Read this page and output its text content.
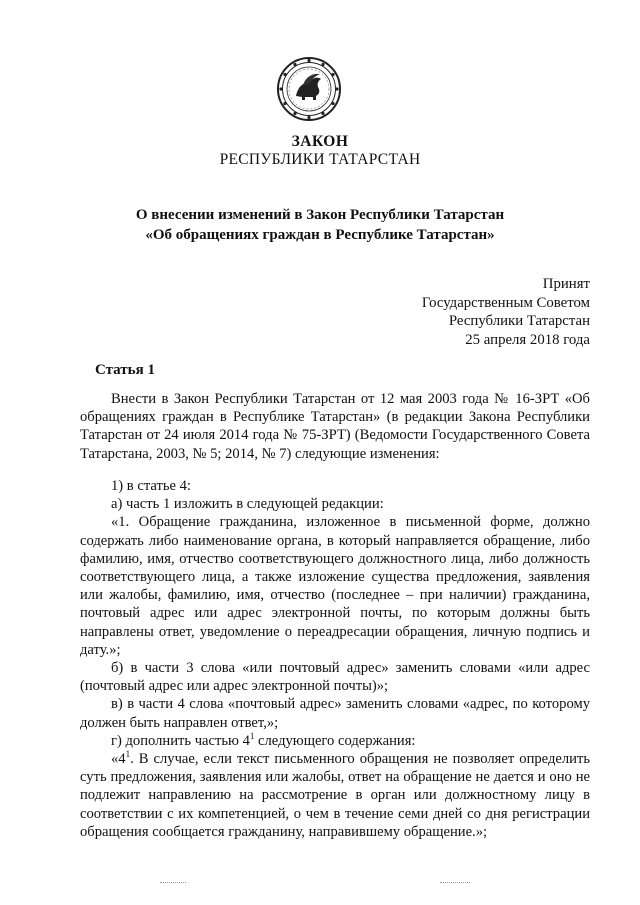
ЗАКОН
РЕСПУБЛИКИ ТАТАРСТАН
О внесении изменений в Закон Республики Татарстан
«Об обращениях граждан в Республике Татарстан»
Принят
Государственным Советом
Республики Татарстан
25 апреля 2018 года
Статья 1

Внести в Закон Республики Татарстан от 12 мая 2003 года № 16-ЗРТ «Об обращениях граждан в Республике Татарстан» (в редакции Закона Республики Татарстан от 24 июля 2014 года № 75-ЗРТ) (Ведомости Государственного Совета Татарстана, 2003, № 5; 2014, № 7) следующие изменения:

1) в статье 4:

а) часть 1 изложить в следующей редакции:

«1. Обращение гражданина, изложенное в письменной форме, должно содержать либо наименование органа, в который направляется обращение, либо фамилию, имя, отчество соответствующего должностного лица, либо должность соответствующего лица, а также изложение существа предложения, заявления или жалобы, фамилию, имя, отчество (последнее – при наличии) гражданина, почтовый адрес или адрес электронной почты, по которым должны быть направлены ответ, уведомление о переадресации обращения, личную подпись и дату.»;

б) в части 3 слова «или почтовый адрес» заменить словами «или адрес (почтовый адрес или адрес электронной почты)»;

в) в части 4 слова «почтовый адрес» заменить словами «адрес, по которому должен быть направлен ответ,»;

г) дополнить частью $4^1$ следующего содержания:

«$4^1$. В случае, если текст письменного обращения не позволяет определить суть предложения, заявления или жалобы, ответ на обращение не дается и оно не подлежит направлению на рассмотрение в орган или должностному лицу в соответствии с их компетенцией, о чем в течение семи дней со дня регистрации обращения сообщается гражданину, направившему обращение.»;
